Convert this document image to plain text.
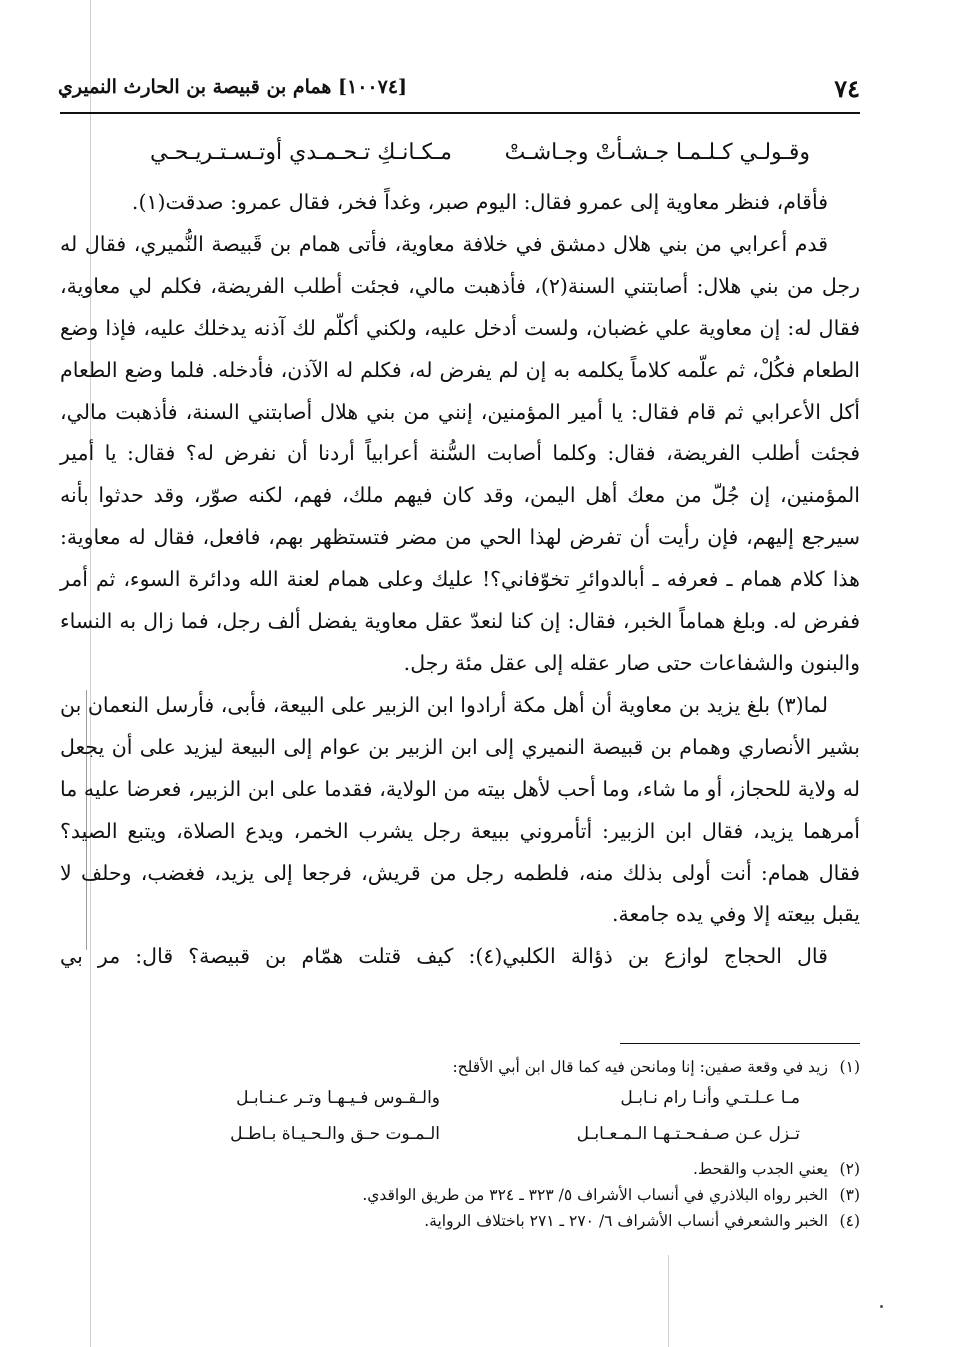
٧٤
[١٠٠٧٤] همام بن قبيصة بن الحارث النميري
وقـولـي كـلـمـا جـشـأتْ وجـاشـتْ
مـكـانـكِ تـحـمـدي أوتـسـتـريـحـي

فأقام، فنظر معاوية إلى عمرو فقال: اليوم صبر، وغداً فخر، فقال عمرو: صدقت(١).

قدم أعرابي من بني هلال دمشق في خلافة معاوية، فأتى همام بن قَبيصة النُّميري، فقال له رجل من بني هلال: أصابتني السنة(٢)، فأذهبت مالي، فجئت أطلب الفريضة، فكلم لي معاوية، فقال له: إن معاوية علي غضبان، ولست أدخل عليه، ولكني أكلّم لك آذنه يدخلك عليه، فإذا وضع الطعام فكُلْ، ثم علّمه كلاماً يكلمه به إن لم يفرض له، فكلم له الآذن، فأدخله. فلما وضع الطعام أكل الأعرابي ثم قام فقال: يا أمير المؤمنين، إنني من بني هلال أصابتني السنة، فأذهبت مالي، فجئت أطلب الفريضة، فقال: وكلما أصابت السُّنة أعرابياً أردنا أن نفرض له؟ فقال: يا أمير المؤمنين، إن جُلّ من معك أهل اليمن، وقد كان فيهم ملك، فهم، لكنه صوّر، وقد حدثوا بأنه سيرجع إليهم، فإن رأيت أن تفرض لهذا الحي من مضر فتستظهر بهم، فافعل، فقال له معاوية: هذا كلام همام ـ فعرفه ـ أبالدوائرِ تخوّفاني؟! عليك وعلى همام لعنة الله ودائرة السوء، ثم أمر ففرض له. وبلغ هماماً الخبر، فقال: إن كنا لنعدّ عقل معاوية يفضل ألف رجل، فما زال به النساء والبنون والشفاعات حتى صار عقله إلى عقل مئة رجل.

لما(٣) بلغ يزيد بن معاوية أن أهل مكة أرادوا ابن الزبير على البيعة، فأبى، فأرسل النعمان بن بشير الأنصاري وهمام بن قبيصة النميري إلى ابن الزبير بن عوام إلى البيعة ليزيد على أن يجعل له ولاية للحجاز، أو ما شاء، وما أحب لأهل بيته من الولاية، فقدما على ابن الزبير، فعرضا عليه ما أمرهما يزيد، فقال ابن الزبير: أتأمروني ببيعة رجل يشرب الخمر، ويدع الصلاة، ويتبع الصيد؟ فقال همام: أنت أولى بذلك منه، فلطمه رجل من قريش، فرجعا إلى يزيد، فغضب، وحلف لا يقبل بيعته إلا وفي يده جامعة.

قال الحجاج لوازع بن ذؤالة الكلبي(٤): كيف قتلت همّام بن قبيصة؟ قال: مر بي

(١)
زيد في وقعة صفين: إنا ومانحن فيه كما قال ابن أبي الأقلح:
مـا عـلـتـي وأنـا رام نـابـل
والـقـوس فـيـهـا وتـر عـنـابـل
تـزل عـن صـفـحـتـهـا الـمـعـابـل
الـمـوت حـق والـحـيـاة بـاطـل
(٢)
يعني الجدب والقحط.
(٣)
الخبر رواه البلاذري في أنساب الأشراف ٥/ ٣٢٣ ـ ٣٢٤ من طريق الواقدي.
(٤)
الخبر والشعرفي أنساب الأشراف ٦/ ٢٧٠ ـ ٢٧١ باختلاف الرواية.
